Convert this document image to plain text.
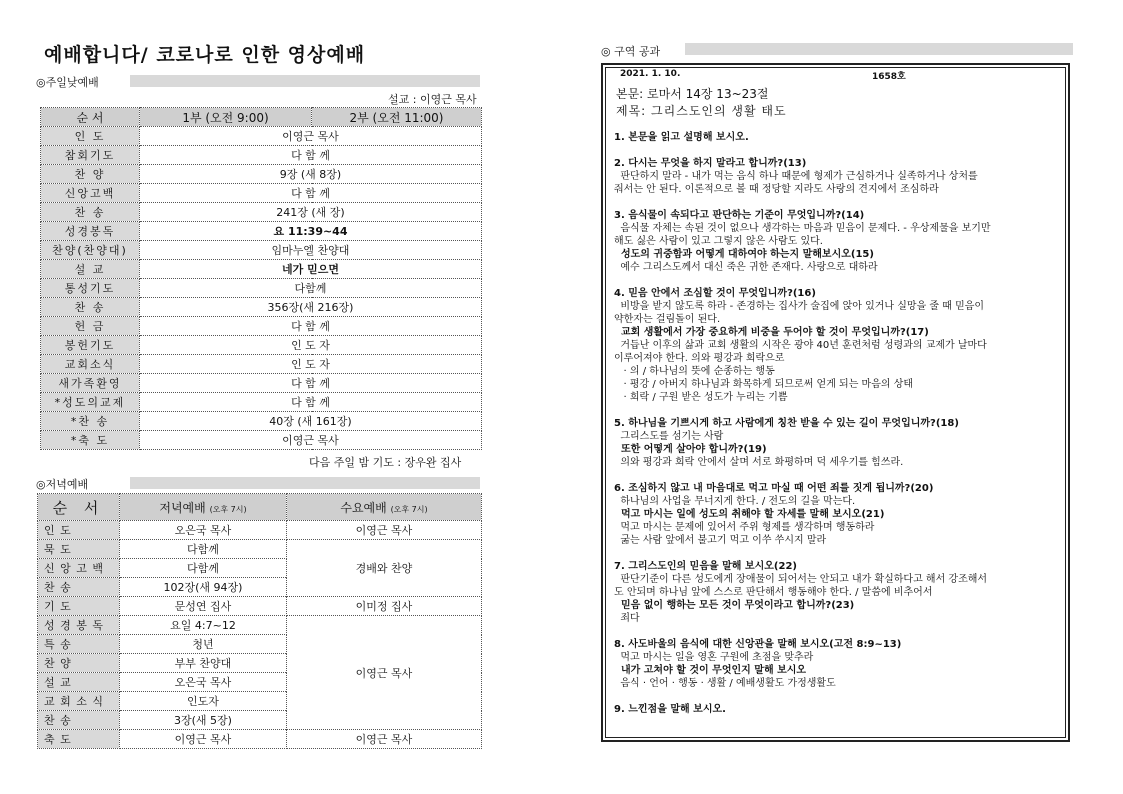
예배합니다/ 코로나로 인한 영상예배
◎주일낮예배
설교 : 이영근 목사
순 서	1부 (오전 9:00)	2부 (오전 11:00)
인 도	이영근 목사	
참회기도	다 함 께	
찬 양	9장 (새 8장)	
신앙고백	다 함 께	
찬 송	241장 (새 장)	
성경봉독	요 11:39~44	
찬양(찬양대)	임마누엘 찬양대	
설 교	네가 믿으면	
통성기도	다함께	
찬 송	356장(새 216장)	
헌 금	다 함 께	
봉헌기도	인 도 자	
교회소식	인 도 자	
새가족환영	다 함 께	
*성도의교제	다 함 께	
*찬 송	40장 (새 161장)	
*축 도	이영근 목사	
다음 주일 밤 기도 : 장우완 집사
◎저녁예배
순 서	저녁예배 (오후 7시)	수요예배 (오후 7시)
인 도	오은국 목사	이영근 목사
묵 도	다함께	경배와 찬양
신 앙 고 백	다함께	
찬 송	102장(새 94장)	
기 도	문성연 집사	이미정 집사
성 경 봉 독	요일 4:7~12	이영근 목사
특 송	청년	
찬 양	부부 찬양대	
설 교	오은국 목사	
교 회 소 식	인도자	
찬 송	3장(새 5장)	
축 도	이영근 목사	이영근 목사
◎ 구역 공과
2021. 1. 10.	1658호
본문: 로마서 14장 13~23절
제목: 그리스도인의 생활 태도
1. 본문을 읽고 설명해 보시오.
2. 다시는 무엇을 하지 말라고 합니까?(13)
판단하지 말라 - 내가 먹는 음식 하나 때문에 형제가 근심하거나 실족하거나 상처를
줘서는 안 된다. 이론적으로 볼 때 정당할 지라도 사랑의 견지에서 조심하라
3. 음식물이 속되다고 판단하는 기준이 무엇입니까?(14)
음식물 자체는 속된 것이 없으나 생각하는 마음과 믿음이 문제다. - 우상제물을 보기만
해도 싫은 사람이 있고 그렇지 않은 사람도 있다.
성도의 귀중함과 어떻게 대하여야 하는지 말해보시오(15)
예수 그리스도께서 대신 죽은 귀한 존재다. 사랑으로 대하라
4. 믿음 안에서 조심할 것이 무엇입니까?(16)
비방을 받지 않도록 하라 - 존경하는 집사가 술집에 앉아 있거나 실망을 줄 때 믿음이
약한자는 걸림돌이 된다.
교회 생활에서 가장 중요하게 비중을 두어야 할 것이 무엇입니까?(17)
거듭난 이후의 삶과 교회 생활의 시작은 광야 40년 훈련처럼 성령과의 교제가 날마다
이루어져야 한다. 의와 평강과 희락으로
· 의 / 하나님의 뜻에 순종하는 행동
· 평강 / 아버지 하나님과 화목하게 되므로써 얻게 되는 마음의 상태
· 희락 / 구원 받은 성도가 누리는 기쁨
5. 하나님을 기쁘시게 하고 사람에게 칭찬 받을 수 있는 길이 무엇입니까?(18)
그리스도를 섬기는 사람
또한 어떻게 살아야 합니까?(19)
의와 평강과 희락 안에서 살며 서로 화평하며 덕 세우기를 힘쓰라.
6. 조심하지 않고 내 마음대로 먹고 마실 때 어떤 죄를 짓게 됩니까?(20)
하나님의 사업을 무너지게 한다. / 전도의 길을 막는다.
먹고 마시는 일에 성도의 취해야 할 자세를 말해 보시오(21)
먹고 마시는 문제에 있어서 주위 형제를 생각하며 행동하라
굶는 사람 앞에서 불고기 먹고 이쑤 쑤시지 말라
7. 그리스도인의 믿음을 말해 보시오(22)
판단기준이 다른 성도에게 장애물이 되어서는 안되고 내가 확실하다고 해서 강조해서
도 안되며 하나님 앞에 스스로 판단해서 행동해야 한다. / 말씀에 비추어서
믿음 없이 행하는 모든 것이 무엇이라고 합니까?(23)
죄다
8. 사도바울의 음식에 대한 신앙관을 말해 보시오(고전 8:9~13)
먹고 마시는 일을 영혼 구원에 초점을 맞추라
내가 고쳐야 할 것이 무엇인지 말해 보시오
음식 · 언어 · 행동 · 생활 / 예배생활도 가정생활도
9. 느낀점을 말해 보시오.
